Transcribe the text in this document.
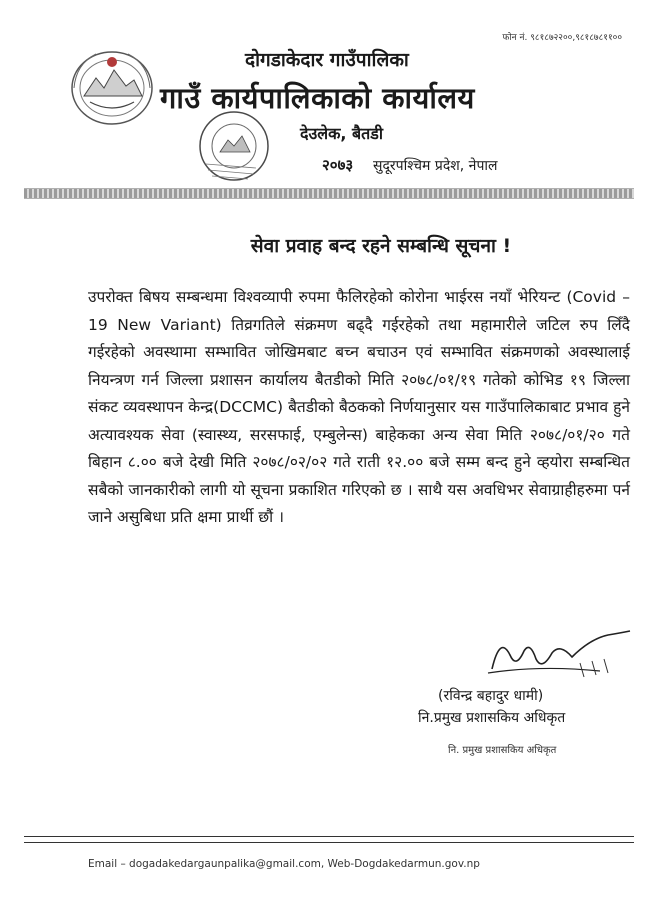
फोन नं. ९८१८७२२००,९८१८७८११००
दोगडाकेदार गाउँपालिका
गाउँ कार्यपालिकाको कार्यालय
देउलेक, बैतडी
२०७३ सुदूरपश्चिम प्रदेश, नेपाल
सेवा प्रवाह बन्द रहने सम्बन्धि सूचना !
उपरोक्त बिषय सम्बन्धमा विश्वव्यापी रुपमा फैलिरहेको कोरोना भाईरस नयाँ भेरियन्ट (Covid – 19 New Variant) तिव्रगतिले संक्रमण बढ्दै गईरहेको तथा महामारीले जटिल रुप लिँदै गईरहेको अवस्थामा सम्भावित जोखिमबाट बच्न बचाउन एवं सम्भावित संक्रमणको अवस्थालाई नियन्त्रण गर्न जिल्ला प्रशासन कार्यालय बैतडीको मिति २०७८/०१/१९ गतेको कोभिड १९ जिल्ला संकट व्यवस्थापन केन्द्र(DCCMC) बैतडीको बैठकको निर्णयानुसार यस गाउँपालिकाबाट प्रभाव हुने अत्यावश्यक सेवा (स्वास्थ्य, सरसफाई, एम्बुलेन्स) बाहेकका अन्य सेवा मिति २०७८/०१/२० गते बिहान ८.०० बजे देखी मिति २०७८/०२/०२ गते राती १२.०० बजे सम्म बन्द हुने व्हयोरा सम्बन्धित सबैको जानकारीको लागी यो सूचना प्रकाशित गरिएको छ । साथै यस अवधिभर सेवाग्राहीहरुमा पर्न जाने असुबिधा प्रति क्षमा प्रार्थी छौं ।
(रविन्द्र बहादुर धामी)
नि.प्रमुख प्रशासकिय अधिकृत
नि. प्रमुख प्रशासकिय अधिकृत
Email – dogadakedargaunpalika@gmail.com, Web-Dogdakedarmun.gov.np
